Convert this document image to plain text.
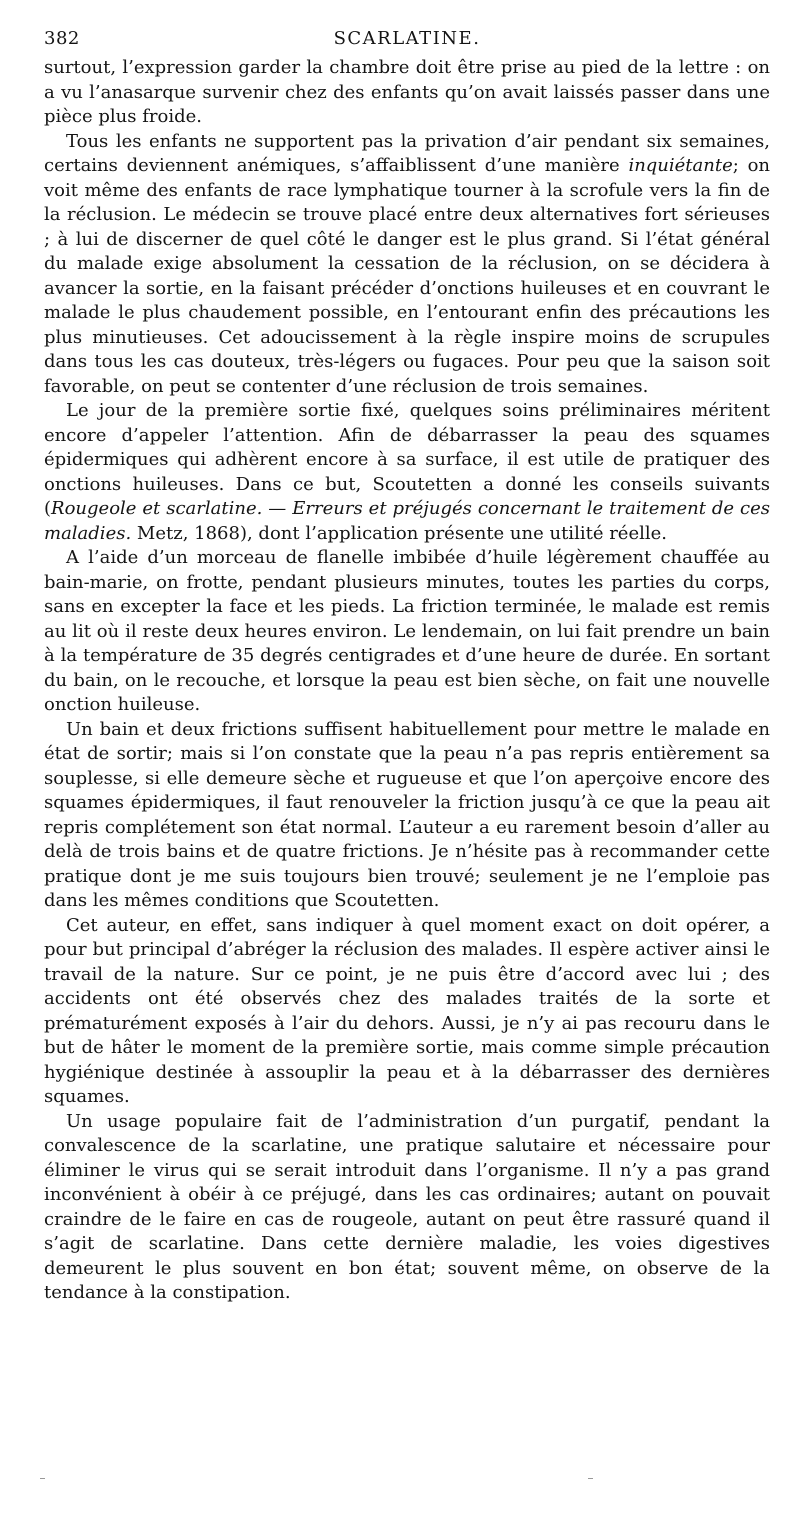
382	SCARLATINE.

surtout, l’expression garder la chambre doit être prise au pied de la lettre : on a vu l’anasarque survenir chez des enfants qu’on avait laissés passer dans une pièce plus froide.

Tous les enfants ne supportent pas la privation d’air pendant six semaines, certains deviennent anémiques, s’affaiblissent d’une manière inquiétante; on voit même des enfants de race lymphatique tourner à la scrofule vers la fin de la réclusion. Le médecin se trouve placé entre deux alternatives fort sérieuses ; à lui de discerner de quel côté le danger est le plus grand. Si l’état général du malade exige absolument la cessation de la réclusion, on se décidera à avancer la sortie, en la faisant précéder d’onctions huileuses et en couvrant le malade le plus chaudement possible, en l’entourant enfin des précautions les plus minutieuses. Cet adoucissement à la règle inspire moins de scrupules dans tous les cas douteux, très-légers ou fugaces. Pour peu que la saison soit favorable, on peut se contenter d’une réclusion de trois semaines.

Le jour de la première sortie fixé, quelques soins préliminaires méritent encore d’appeler l’attention. Afin de débarrasser la peau des squames épidermiques qui adhèrent encore à sa surface, il est utile de pratiquer des onctions huileuses. Dans ce but, Scoutetten a donné les conseils suivants (Rougeole et scarlatine. — Erreurs et préjugés concernant le traitement de ces maladies. Metz, 1868), dont l’application présente une utilité réelle.

A l’aide d’un morceau de flanelle imbibée d’huile légèrement chauffée au bain-marie, on frotte, pendant plusieurs minutes, toutes les parties du corps, sans en excepter la face et les pieds. La friction terminée, le malade est remis au lit où il reste deux heures environ. Le lendemain, on lui fait prendre un bain à la température de 35 degrés centigrades et d’une heure de durée. En sortant du bain, on le recouche, et lorsque la peau est bien sèche, on fait une nouvelle onction huileuse.

Un bain et deux frictions suffisent habituellement pour mettre le malade en état de sortir; mais si l’on constate que la peau n’a pas repris entièrement sa souplesse, si elle demeure sèche et rugueuse et que l’on aperçoive encore des squames épidermiques, il faut renouveler la friction jusqu’à ce que la peau ait repris complétement son état normal. L’auteur a eu rarement besoin d’aller au delà de trois bains et de quatre frictions. Je n’hésite pas à recommander cette pratique dont je me suis toujours bien trouvé; seulement je ne l’emploie pas dans les mêmes conditions que Scoutetten.

Cet auteur, en effet, sans indiquer à quel moment exact on doit opérer, a pour but principal d’abréger la réclusion des malades. Il espère activer ainsi le travail de la nature. Sur ce point, je ne puis être d’accord avec lui ; des accidents ont été observés chez des malades traités de la sorte et prématurément exposés à l’air du dehors. Aussi, je n’y ai pas recouru dans le but de hâter le moment de la première sortie, mais comme simple précaution hygiénique destinée à assouplir la peau et à la débarrasser des dernières squames.

Un usage populaire fait de l’administration d’un purgatif, pendant la convalescence de la scarlatine, une pratique salutaire et nécessaire pour éliminer le virus qui se serait introduit dans l’organisme. Il n’y a pas grand inconvénient à obéir à ce préjugé, dans les cas ordinaires; autant on pouvait craindre de le faire en cas de rougeole, autant on peut être rassuré quand il s’agit de scarlatine. Dans cette dernière maladie, les voies digestives demeurent le plus souvent en bon état; souvent même, on observe de la tendance à la constipation.
